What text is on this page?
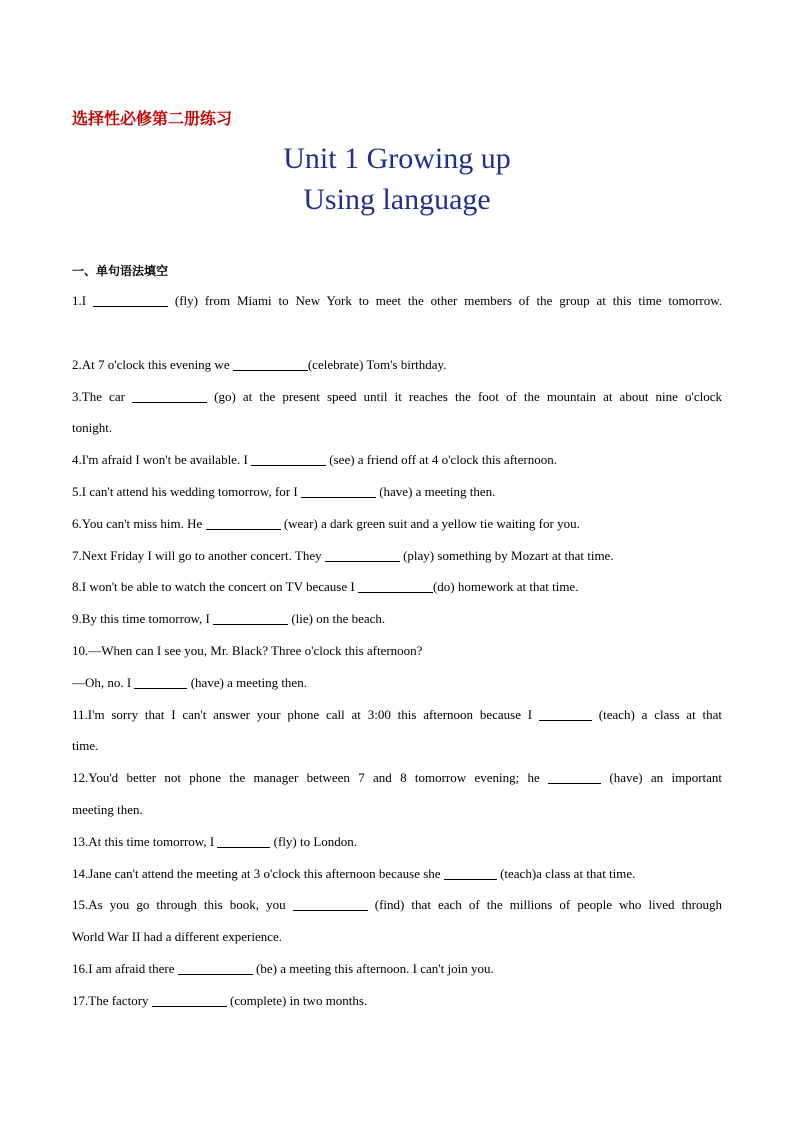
选择性必修第二册练习
Unit 1 Growing up
Using language
一、单句语法填空
1.I	(fly) from Miami to New York to meet the other members of the group at this time tomorrow.
2.At 7 o'clock this evening we	(celebrate) Tom's birthday.
3.The car	(go) at the present speed until it reaches the foot of the mountain at about nine o'clock
tonight.
4.I'm afraid I won't be available. I	(see) a friend off at 4 o'clock this afternoon.
5.I can't attend his wedding tomorrow, for I	(have) a meeting then.
6.You can't miss him. He	(wear) a dark green suit and a yellow tie waiting for you.
7.Next Friday I will go to another concert. They	(play) something by Mozart at that time.
8.I won't be able to watch the concert on TV because I	(do) homework at that time.
9.By this time tomorrow, I	(lie) on the beach.
10.—When can I see you, Mr. Black? Three o'clock this afternoon?
—Oh, no. I	(have) a meeting then.
11.I'm sorry that I can't answer your phone call at 3:00 this afternoon because I	(teach) a class at that
time.
12.You'd better not phone the manager between 7 and 8 tomorrow evening; he	(have) an important
meeting then.
13.At this time tomorrow, I	(fly) to London.
14.Jane can't attend the meeting at 3 o'clock this afternoon because she	(teach)a class at that time.
15.As you go through this book, you	(find) that each of the millions of people who lived through
World War II had a different experience.
16.I am afraid there	(be) a meeting this afternoon. I can't join you.
17.The factory	(complete) in two months.
